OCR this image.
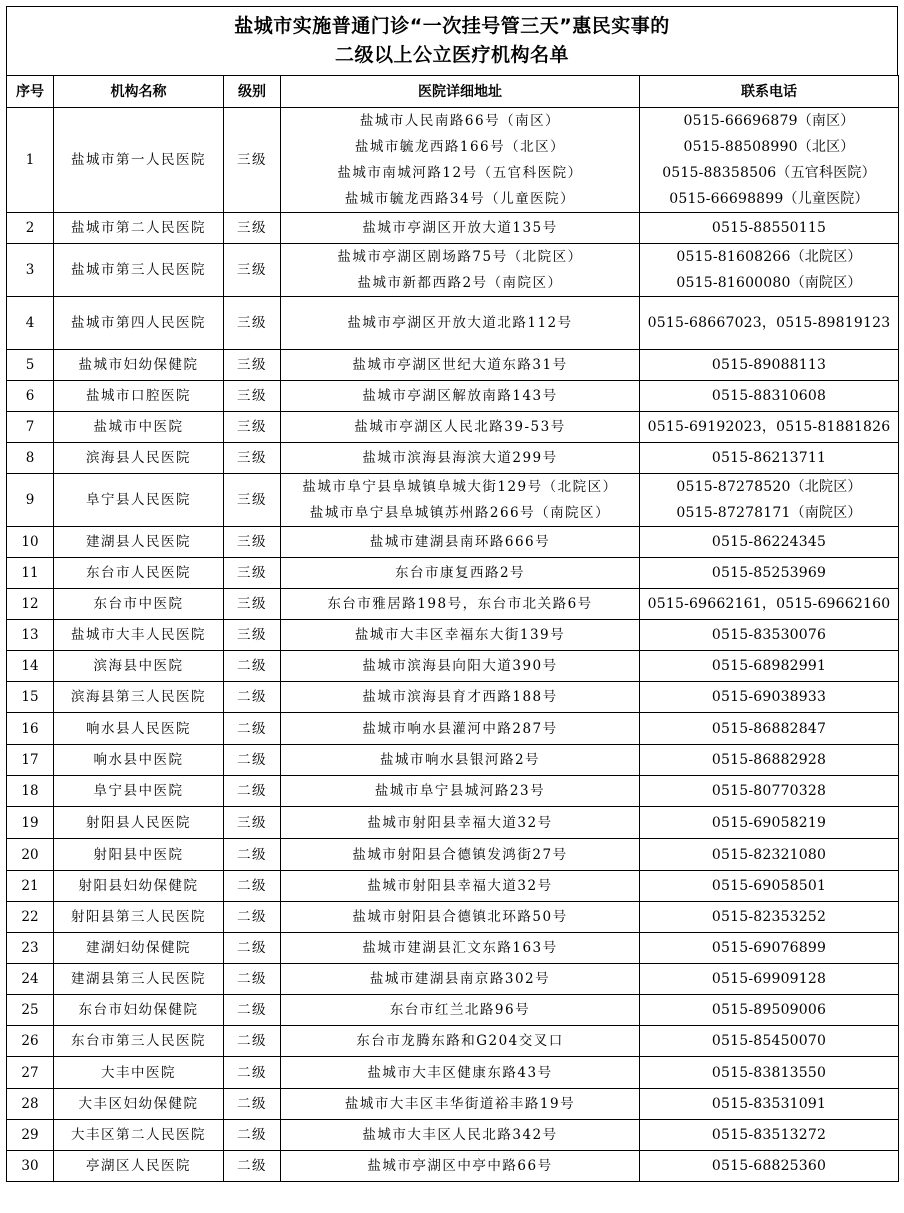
盐城市实施普通门诊“一次挂号管三天”惠民实事的
二级以上公立医疗机构名单
序号	机构名称	级别	医院详细地址	联系电话
1	盐城市第一人民医院	三级	盐城市人民南路66号（南区）
盐城市毓龙西路166号（北区）
盐城市南城河路12号（五官科医院）
盐城市毓龙西路34号（儿童医院）	0515-66696879（南区）
0515-88508990（北区）
0515-88358506（五官科医院）
0515-66698899（儿童医院）

2	盐城市第二人民医院	三级	盐城市亭湖区开放大道135号	0515-88550115

3	盐城市第三人民医院	三级	盐城市亭湖区剧场路75号（北院区）
盐城市新都西路2号（南院区）	0515-81608266（北院区）
0515-81600080（南院区）

4	盐城市第四人民医院	三级	盐城市亭湖区开放大道北路112号	0515-68667023，0515-89819123

5	盐城市妇幼保健院	三级	盐城市亭湖区世纪大道东路31号	0515-89088113

6	盐城市口腔医院	三级	盐城市亭湖区解放南路143号	0515-88310608

7	盐城市中医院	三级	盐城市亭湖区人民北路39-53号	0515-69192023，0515-81881826

8	滨海县人民医院	三级	盐城市滨海县海滨大道299号	0515-86213711

9	阜宁县人民医院	三级	盐城市阜宁县阜城镇阜城大街129号（北院区）
盐城市阜宁县阜城镇苏州路266号（南院区）	0515-87278520（北院区）
0515-87278171（南院区）

10	建湖县人民医院	三级	盐城市建湖县南环路666号	0515-86224345

11	东台市人民医院	三级	东台市康复西路2号	0515-85253969

12	东台市中医院	三级	东台市雅居路198号，东台市北关路6号	0515-69662161，0515-69662160

13	盐城市大丰人民医院	三级	盐城市大丰区幸福东大街139号	0515-83530076

14	滨海县中医院	二级	盐城市滨海县向阳大道390号	0515-68982991

15	滨海县第三人民医院	二级	盐城市滨海县育才西路188号	0515-69038933

16	响水县人民医院	二级	盐城市响水县灌河中路287号	0515-86882847

17	响水县中医院	二级	盐城市响水县银河路2号	0515-86882928

18	阜宁县中医院	二级	盐城市阜宁县城河路23号	0515-80770328

19	射阳县人民医院	三级	盐城市射阳县幸福大道32号	0515-69058219

20	射阳县中医院	二级	盐城市射阳县合德镇发鸿街27号	0515-82321080

21	射阳县妇幼保健院	二级	盐城市射阳县幸福大道32号	0515-69058501

22	射阳县第三人民医院	二级	盐城市射阳县合德镇北环路50号	0515-82353252

23	建湖妇幼保健院	二级	盐城市建湖县汇文东路163号	0515-69076899

24	建湖县第三人民医院	二级	盐城市建湖县南京路302号	0515-69909128

25	东台市妇幼保健院	二级	东台市红兰北路96号	0515-89509006

26	东台市第三人民医院	二级	东台市龙腾东路和G204交叉口	0515-85450070

27	大丰中医院	二级	盐城市大丰区健康东路43号	0515-83813550

28	大丰区妇幼保健院	二级	盐城市大丰区丰华街道裕丰路19号	0515-83531091

29	大丰区第二人民医院	二级	盐城市大丰区人民北路342号	0515-83513272

30	亭湖区人民医院	二级	盐城市亭湖区中亭中路66号	0515-68825360
